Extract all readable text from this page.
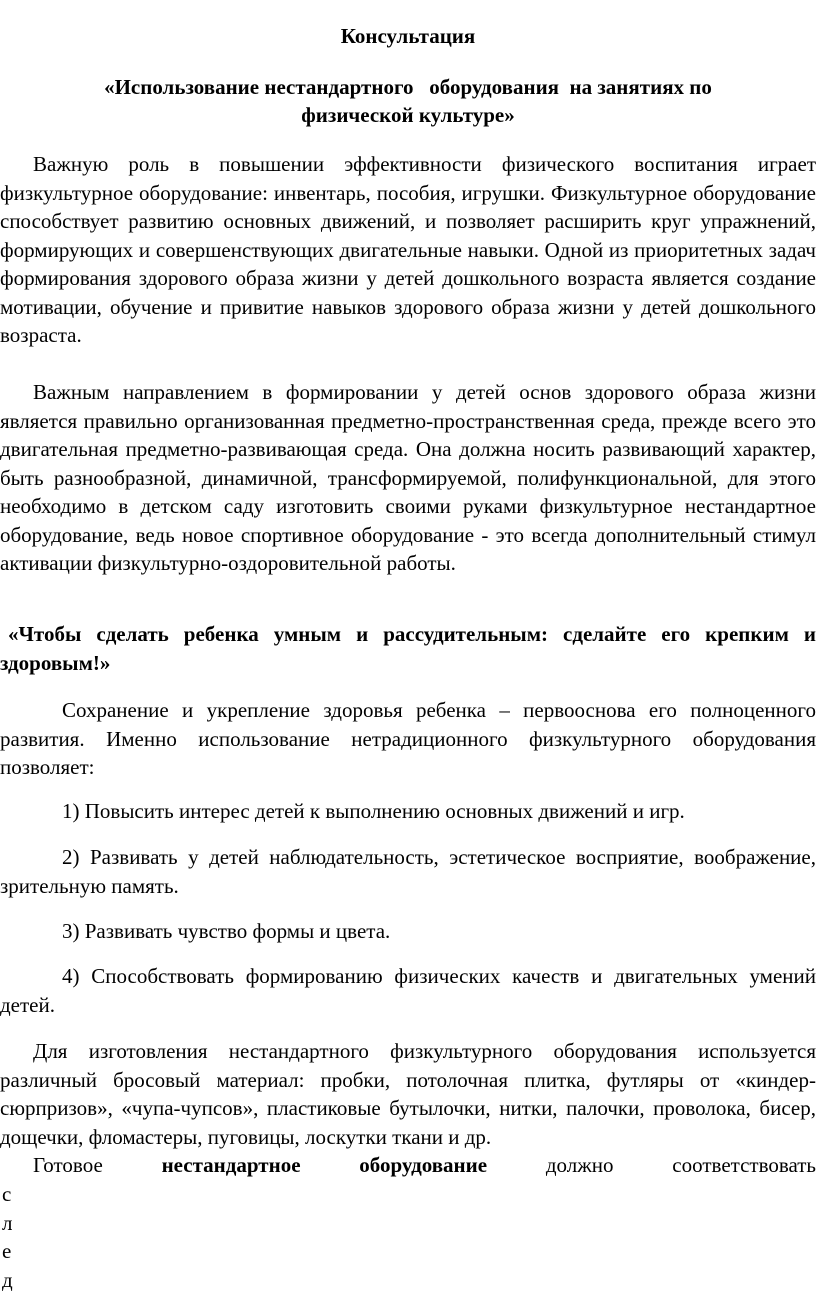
Консультация
«Использование нестандартного   оборудования  на занятиях по
физической культуре»

Важную роль в повышении эффективности физического воспитания играет физкультурное оборудование: инвентарь, пособия, игрушки. Физкультурное оборудование способствует развитию основных движений, и позволяет расширить круг упражнений, формирующих и совершенствующих двигательные навыки. Одной из приоритетных задач формирования здорового образа жизни у детей дошкольного возраста является создание мотивации, обучение и привитие навыков здорового образа жизни у детей дошкольного возраста.

Важным направлением в формировании у детей основ здорового образа жизни является правильно организованная предметно-пространственная среда, прежде всего это двигательная предметно-развивающая среда. Она должна носить развивающий характер, быть разнообразной, динамичной, трансформируемой, полифункциональной, для этого необходимо в детском саду изготовить своими руками физкультурное нестандартное оборудование, ведь новое спортивное оборудование - это всегда дополнительный стимул активации физкультурно-оздоровительной работы.

«Чтобы сделать ребенка умным и рассудительным: сделайте его крепким и здоровым!»

Сохранение и укрепление здоровья ребенка – первооснова его полноценного развития. Именно использование нетрадиционного физкультурного оборудования позволяет:

1) Повысить интерес детей к выполнению основных движений и игр.

2) Развивать у детей наблюдательность, эстетическое восприятие, воображение, зрительную память.

3) Развивать чувство формы и цвета.

4) Способствовать формированию физических качеств и двигательных умений детей.

Для изготовления нестандартного физкультурного оборудования используется различный бросовый материал: пробки, потолочная плитка, футляры от «киндер-сюрпризов», «чупа-чупсов», пластиковые бутылочки, нитки, палочки, проволока, бисер, дощечки, фломастеры, пуговицы, лоскутки ткани и др.

Готовое	нестандартное оборудование	должно соответствовать

с
л
е
д
